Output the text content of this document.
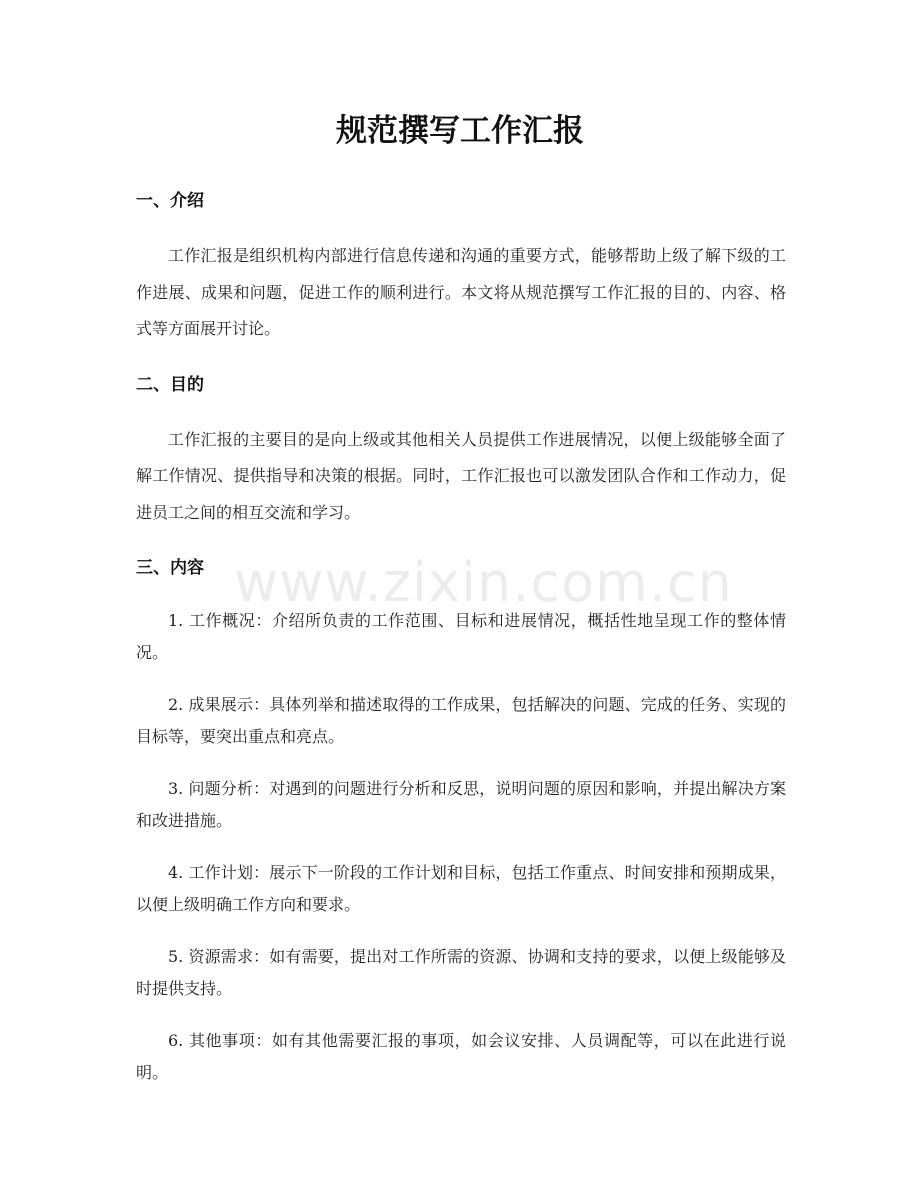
规范撰写工作汇报
一、介绍

工作汇报是组织机构内部进行信息传递和沟通的重要方式，能够帮助上级了解下级的工作进展、成果和问题，促进工作的顺利进行。本文将从规范撰写工作汇报的目的、内容、格式等方面展开讨论。

二、目的

工作汇报的主要目的是向上级或其他相关人员提供工作进展情况，以便上级能够全面了解工作情况、提供指导和决策的根据。同时，工作汇报也可以激发团队合作和工作动力，促进员工之间的相互交流和学习。

三、内容

1. 工作概况：介绍所负责的工作范围、目标和进展情况，概括性地呈现工作的整体情况。

2. 成果展示：具体列举和描述取得的工作成果，包括解决的问题、完成的任务、实现的目标等，要突出重点和亮点。

3. 问题分析：对遇到的问题进行分析和反思，说明问题的原因和影响，并提出解决方案和改进措施。

4. 工作计划：展示下一阶段的工作计划和目标，包括工作重点、时间安排和预期成果，以便上级明确工作方向和要求。

5. 资源需求：如有需要，提出对工作所需的资源、协调和支持的要求，以便上级能够及时提供支持。

6. 其他事项：如有其他需要汇报的事项，如会议安排、人员调配等，可以在此进行说明。

www.zixin.com.cn
